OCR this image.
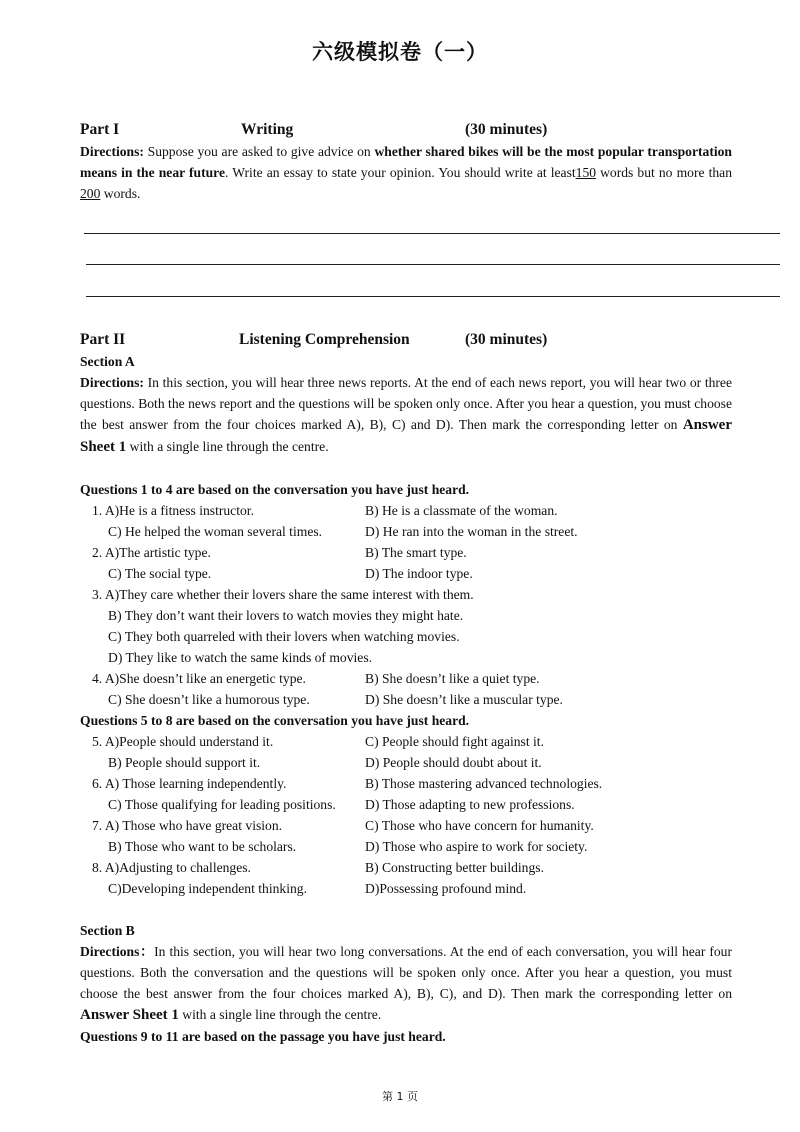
六级模拟卷（一）
Part I	Writing	(30 minutes)
Directions: Suppose you are asked to give advice on whether shared bikes will be the most popular transportation means in the near future. Write an essay to state your opinion. You should write at least150 words but no more than 200 words.
Part II	Listening Comprehension	(30 minutes)
Section A
Directions: In this section, you will hear three news reports. At the end of each news report, you will hear two or three questions. Both the news report and the questions will be spoken only once. After you hear a question, you must choose the best answer from the four choices marked A), B), C) and D). Then mark the corresponding letter on Answer Sheet 1 with a single line through the centre.
Questions 1 to 4 are based on the conversation you have just heard.
1. A)He is a fitness instructor.	B) He is a classmate of the woman.
C) He helped the woman several times.	D) He ran into the woman in the street.
2. A)The artistic type.	B) The smart type.
C) The social type.	D) The indoor type.
3. A)They care whether their lovers share the same interest with them.
B) They don’t want their lovers to watch movies they might hate.
C) They both quarreled with their lovers when watching movies.
D) They like to watch the same kinds of movies.
4. A)She doesn’t like an energetic type.	B) She doesn’t like a quiet type.
C) She doesn’t like a humorous type.	D) She doesn’t like a muscular type.
Questions 5 to 8 are based on the conversation you have just heard.
5. A)People should understand it.	C) People should fight against it.
B) People should support it.	D) People should doubt about it.
6. A) Those learning independently.	B) Those mastering advanced technologies.
C) Those qualifying for leading positions. D) Those adapting to new professions.
7. A) Those who have great vision.	C) Those who have concern for humanity.
B) Those who want to be scholars.	D) Those who aspire to work for society.
8. A)Adjusting to challenges.	B) Constructing better buildings.
C)Developing independent thinking.	D)Possessing profound mind.
Section B
Directions：In this section, you will hear two long conversations. At the end of each conversation, you will hear four questions. Both the conversation and the questions will be spoken only once. After you hear a question, you must choose the best answer from the four choices marked A), B), C), and D). Then mark the corresponding letter on Answer Sheet 1 with a single line through the centre.
Questions 9 to 11 are based on the passage you have just heard.
第 1 页
